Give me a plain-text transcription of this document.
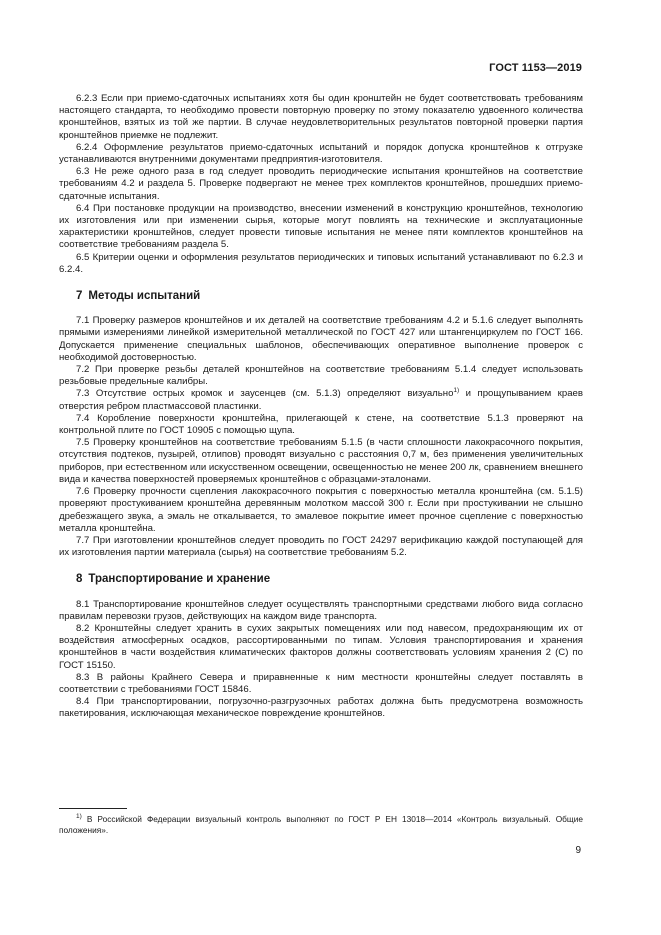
ГОСТ 1153—2019

6.2.3 Если при приемо-сдаточных испытаниях хотя бы один кронштейн не будет соответствовать требованиям настоящего стандарта, то необходимо провести повторную проверку по этому показателю удвоенного количества кронштейнов, взятых из той же партии. В случае неудовлетворительных результатов повторной проверки партия кронштейнов приемке не подлежит.

6.2.4 Оформление результатов приемо-сдаточных испытаний и порядок допуска кронштейнов к отгрузке устанавливаются внутренними документами предприятия-изготовителя.

6.3 Не реже одного раза в год следует проводить периодические испытания кронштейнов на соответствие требованиям 4.2 и раздела 5. Проверке подвергают не менее трех комплектов кронштейнов, прошедших приемо-сдаточные испытания.

6.4 При постановке продукции на производство, внесении изменений в конструкцию кронштейнов, технологию их изготовления или при изменении сырья, которые могут повлиять на технические и эксплуатационные характеристики кронштейнов, следует провести типовые испытания не менее пяти комплектов кронштейнов на соответствие требованиям раздела 5.

6.5 Критерии оценки и оформления результатов периодических и типовых испытаний устанавливают по 6.2.3 и 6.2.4.

7 Методы испытаний

7.1 Проверку размеров кронштейнов и их деталей на соответствие требованиям 4.2 и 5.1.6 следует выполнять прямыми измерениями линейкой измерительной металлической по ГОСТ 427 или штангенциркулем по ГОСТ 166. Допускается применение специальных шаблонов, обеспечивающих оперативное выполнение проверок с необходимой достоверностью.

7.2 При проверке резьбы деталей кронштейнов на соответствие требованиям 5.1.4 следует использовать резьбовые предельные калибры.

7.3 Отсутствие острых кромок и заусенцев (см. 5.1.3) определяют визуально$^{1)}$ и прощупыванием краев отверстия ребром пластмассовой пластинки.

7.4 Коробление поверхности кронштейна, прилегающей к стене, на соответствие 5.1.3 проверяют на контрольной плите по ГОСТ 10905 с помощью щупа.

7.5 Проверку кронштейнов на соответствие требованиям 5.1.5 (в части сплошности лакокрасочного покрытия, отсутствия подтеков, пузырей, отлипов) проводят визуально с расстояния 0,7 м, без применения увеличительных приборов, при естественном или искусственном освещении, освещенностью не менее 200 лк, сравнением внешнего вида и качества поверхностей проверяемых кронштейнов с образцами-эталонами.

7.6 Проверку прочности сцепления лакокрасочного покрытия с поверхностью металла кронштейна (см. 5.1.5) проверяют простукиванием кронштейна деревянным молотком массой 300 г. Если при простукивании не слышно дребезжащего звука, а эмаль не откалывается, то эмалевое покрытие имеет прочное сцепление с поверхностью металла кронштейна.

7.7 При изготовлении кронштейнов следует проводить по ГОСТ 24297 верификацию каждой поступающей для их изготовления партии материала (сырья) на соответствие требованиям 5.2.

8 Транспортирование и хранение

8.1 Транспортирование кронштейнов следует осуществлять транспортными средствами любого вида согласно правилам перевозки грузов, действующих на каждом виде транспорта.

8.2 Кронштейны следует хранить в сухих закрытых помещениях или под навесом, предохраняющим их от воздействия атмосферных осадков, рассортированными по типам. Условия транспортирования и хранения кронштейнов в части воздействия климатических факторов должны соответствовать условиям хранения 2 (С) по ГОСТ 15150.

8.3 В районы Крайнего Севера и приравненные к ним местности кронштейны следует поставлять в соответствии с требованиями ГОСТ 15846.

8.4 При транспортировании, погрузочно-разгрузочных работах должна быть предусмотрена возможность пакетирования, исключающая механическое повреждение кронштейнов.

$^{1)}$ В Российской Федерации визуальный контроль выполняют по ГОСТ Р ЕН 13018—2014 «Контроль визуальный. Общие положения».
9
